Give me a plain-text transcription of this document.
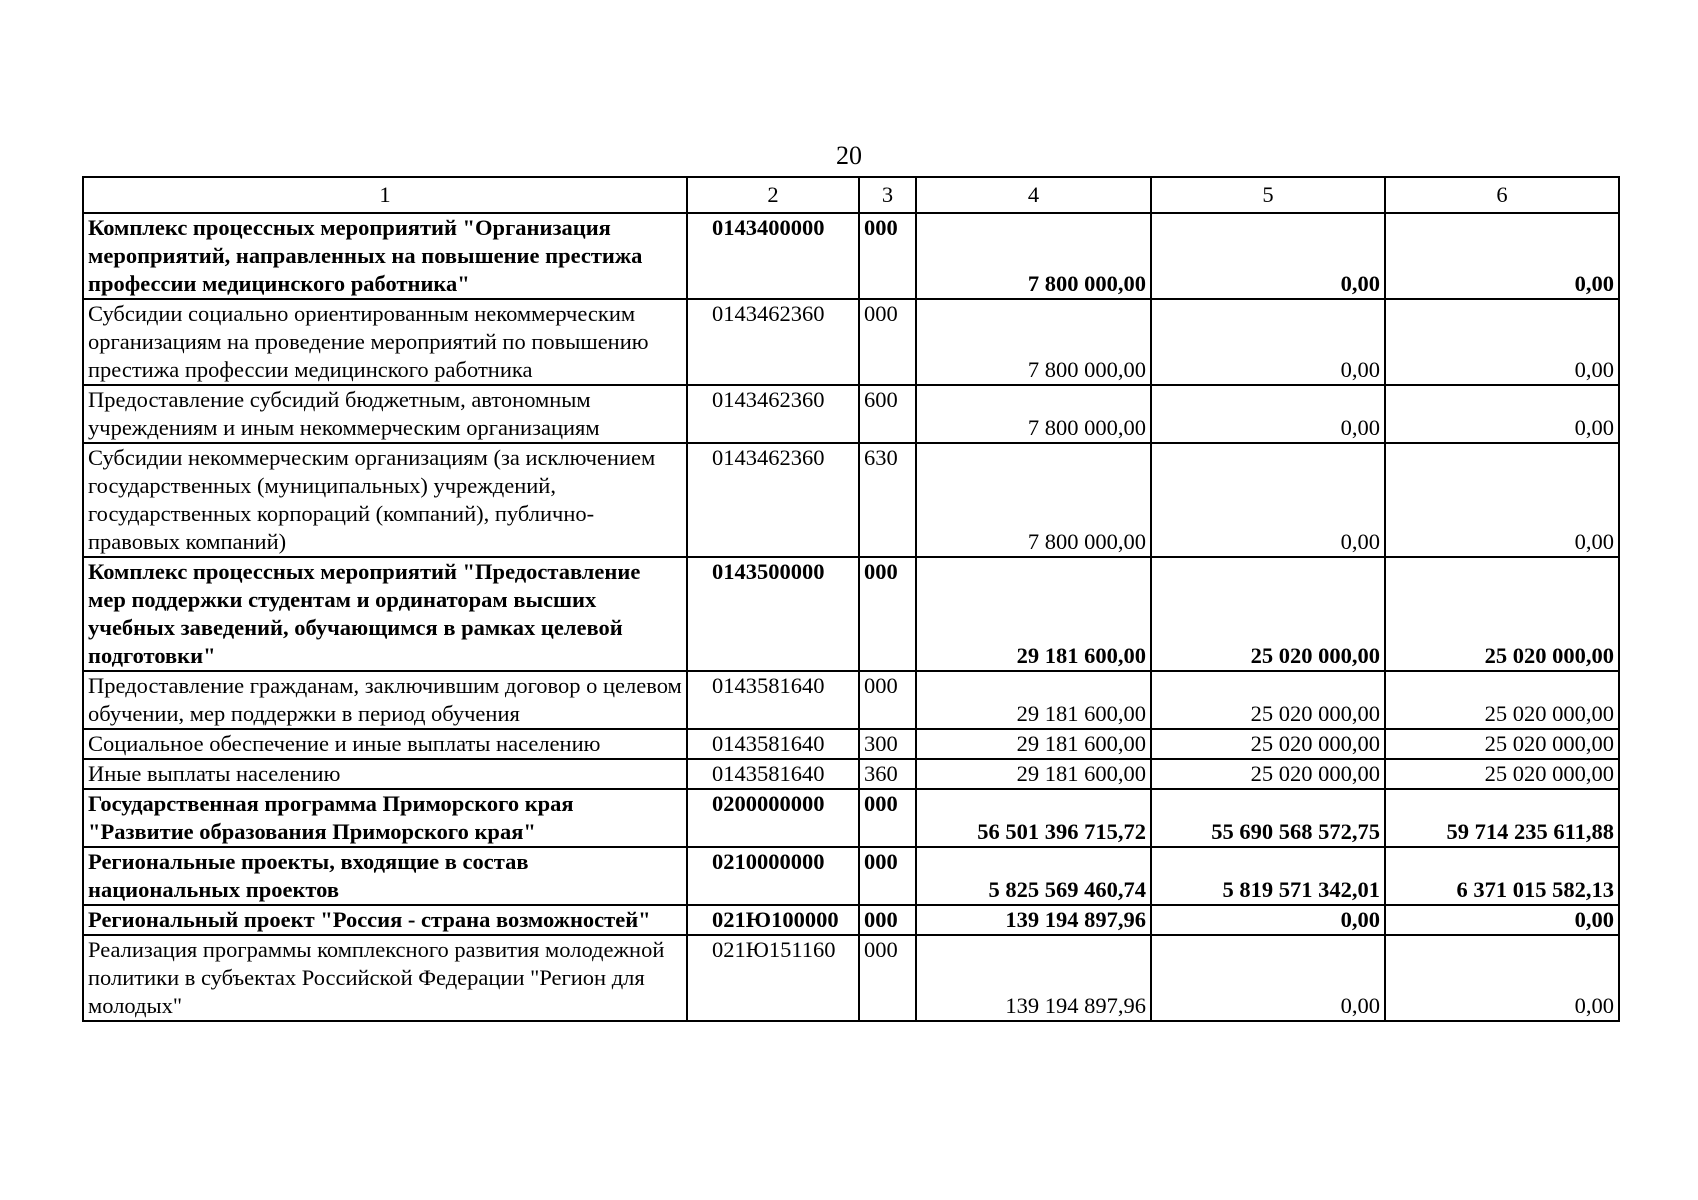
20
1	2	3	4	5	6
Комплекс процессных мероприятий "Организация мероприятий, направленных на повышение престижа профессии медицинского работника"	0143400000	000	7 800 000,00	0,00	0,00
Субсидии социально ориентированным некоммерческим организациям на проведение мероприятий по повышению престижа профессии медицинского работника	0143462360	000	7 800 000,00	0,00	0,00
Предоставление субсидий бюджетным, автономным учреждениям и иным некоммерческим организациям	0143462360	600	7 800 000,00	0,00	0,00
Субсидии некоммерческим организациям (за исключением государственных (муниципальных) учреждений, государственных корпораций (компаний), публично-правовых компаний)	0143462360	630	7 800 000,00	0,00	0,00
Комплекс процессных мероприятий "Предоставление мер поддержки студентам и ординаторам высших учебных заведений, обучающимся в рамках целевой подготовки"	0143500000	000	29 181 600,00	25 020 000,00	25 020 000,00
Предоставление гражданам, заключившим договор о целевом обучении, мер поддержки в период обучения	0143581640	000	29 181 600,00	25 020 000,00	25 020 000,00
Социальное обеспечение и иные выплаты населению	0143581640	300	29 181 600,00	25 020 000,00	25 020 000,00
Иные выплаты населению	0143581640	360	29 181 600,00	25 020 000,00	25 020 000,00
Государственная программа Приморского края "Развитие образования Приморского края"	0200000000	000	56 501 396 715,72	55 690 568 572,75	59 714 235 611,88
Региональные проекты, входящие в состав национальных проектов	0210000000	000	5 825 569 460,74	5 819 571 342,01	6 371 015 582,13
Региональный проект "Россия - страна возможностей"	021Ю100000	000	139 194 897,96	0,00	0,00
Реализация программы комплексного развития молодежной политики в субъектах Российской Федерации "Регион для молодых"	021Ю151160	000	139 194 897,96	0,00	0,00
